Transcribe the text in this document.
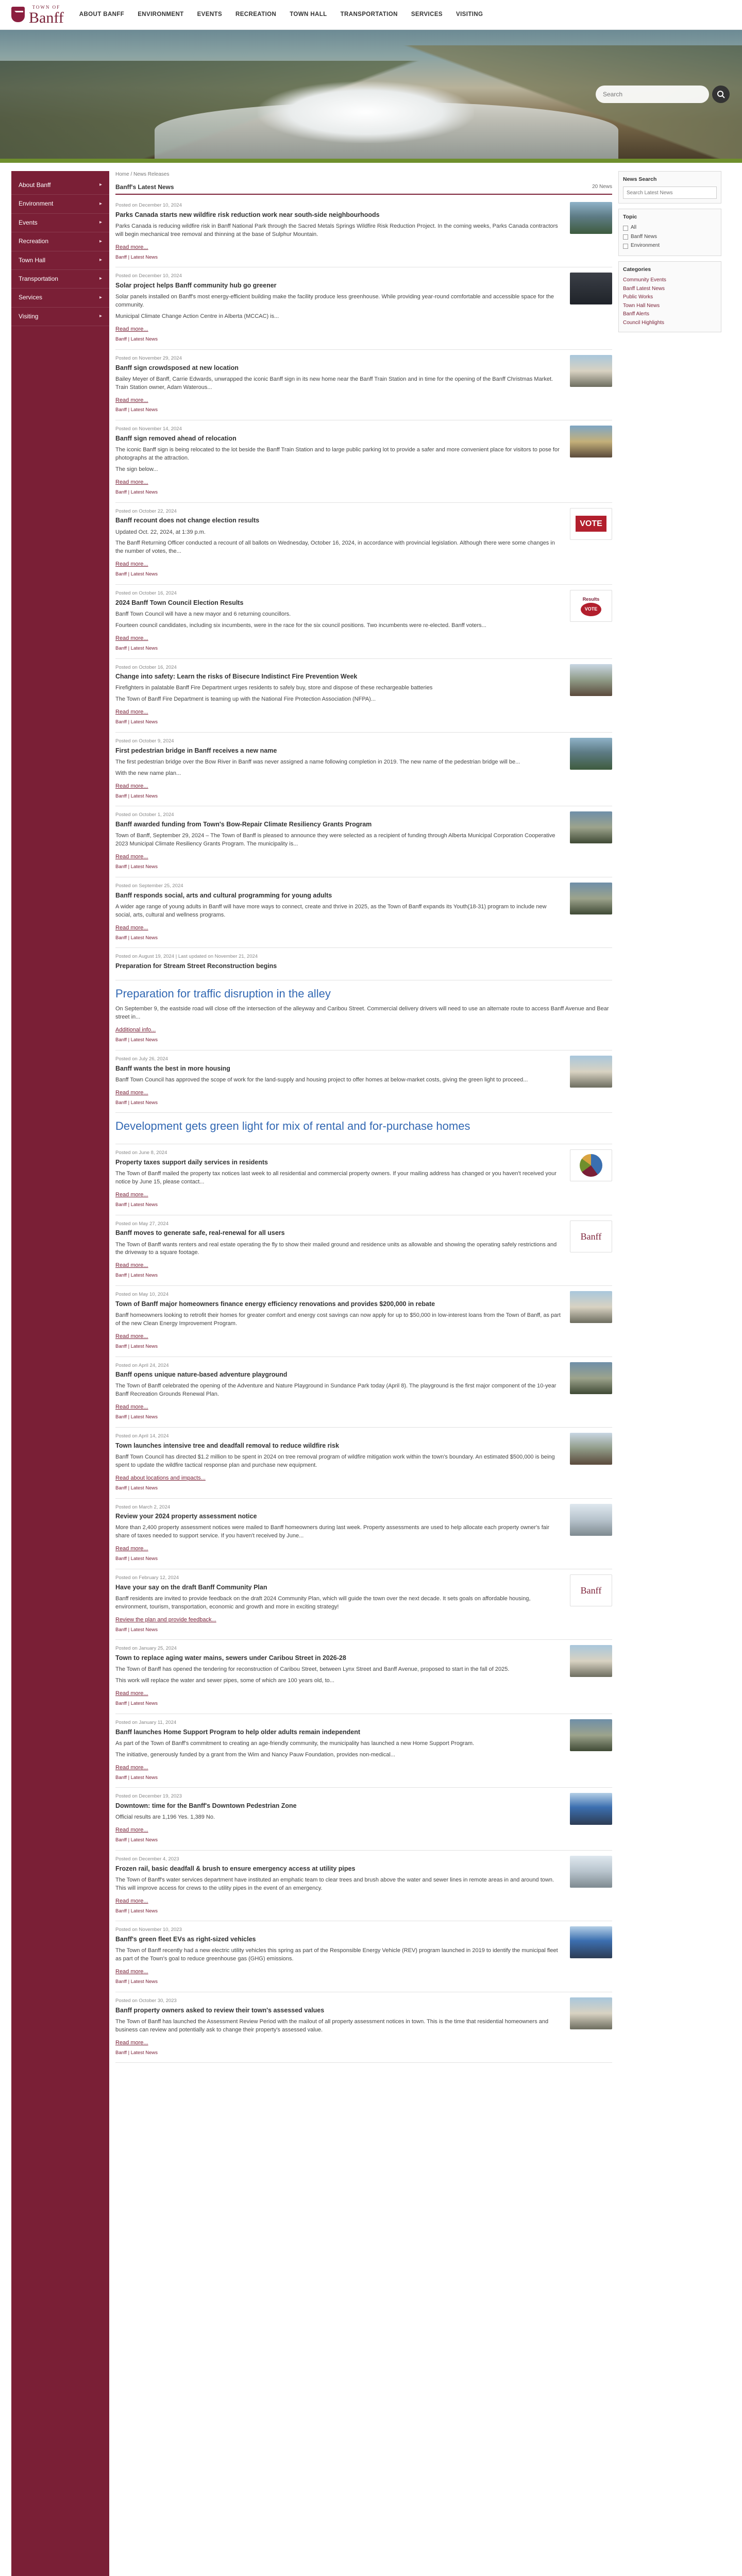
TOWN OF
Banff	ABOUT BANFF ENVIRONMENT EVENTS RECREATION TOWN HALL TRANSPORTATION SERVICES VISITING
Search
About Banff	▸
Environment	▸
Events	▸
Recreation	▸
Town Hall	▸
Transportation	▸
Services	▸
Visiting	▸
Home / News Releases
Banff's Latest News	20 News
Posted on December 10, 2024
Parks Canada starts new wildfire risk reduction work near south-side neighbourhoods
Parks Canada is reducing wildfire risk in Banff National Park through the Sacred Metals Springs Wildfire Risk Reduction Project. In the coming weeks, Parks Canada contractors will begin mechanical tree removal and thinning at the base of Sulphur Mountain.
Read more...
Banff | Latest News
Posted on December 10, 2024
Solar project helps Banff community hub go greener
Solar panels installed on Banff's most energy-efficient building make the facility produce less greenhouse. While providing year-round comfortable and accessible space for the community.
Municipal Climate Change Action Centre in Alberta (MCCAC) is...
Read more...
Banff | Latest News
Posted on November 29, 2024
Banff sign crowdsposed at new location
Bailey Meyer of Banff, Carrie Edwards, unwrapped the iconic Banff sign in its new home near the Banff Train Station and in time for the opening of the Banff Christmas Market. Train Station owner, Adam Waterous...
Read more...
Banff | Latest News
Posted on November 14, 2024
Banff sign removed ahead of relocation
The iconic Banff sign is being relocated to the lot beside the Banff Train Station and to large public parking lot to provide a safer and more convenient place for visitors to pose for photographs at the attraction.
The sign below...
Read more...
Banff | Latest News
Posted on October 22, 2024
Banff recount does not change election results
Updated Oct. 22, 2024, at 1:39 p.m.
The Banff Returning Officer conducted a recount of all ballots on Wednesday, October 16, 2024, in accordance with provincial legislation. Although there were some changes in the number of votes, the...
Read more...
Banff | Latest News
VOTE
Posted on October 16, 2024
2024 Banff Town Council Election Results
Banff Town Council will have a new mayor and 6 returning councillors.
Fourteen council candidates, including six incumbents, were in the race for the six council positions. Two incumbents were re-elected. Banff voters...
Read more...
Banff | Latest News
Results
VOTE
Posted on October 16, 2024
Change into safety: Learn the risks of Bisecure Indistinct Fire Prevention Week
Firefighters in palatable Banff Fire Department urges residents to safely buy, store and dispose of these rechargeable batteries
The Town of Banff Fire Department is teaming up with the National Fire Protection Association (NFPA)...
Read more...
Banff | Latest News
Posted on October 9, 2024
First pedestrian bridge in Banff receives a new name
The first pedestrian bridge over the Bow River in Banff was never assigned a name following completion in 2019. The new name of the pedestrian bridge will be...
With the new name plan...
Read more...
Banff | Latest News
Posted on October 1, 2024
Banff awarded funding from Town's Bow-Repair Climate Resiliency Grants Program
Town of Banff, September 29, 2024 – The Town of Banff is pleased to announce they were selected as a recipient of funding through Alberta Municipal Corporation Cooperative 2023 Municipal Climate Resiliency Grants Program. The municipality is...
Read more...
Banff | Latest News
Posted on September 25, 2024
Banff responds social, arts and cultural programming for young adults
A wider age range of young adults in Banff will have more ways to connect, create and thrive in 2025, as the Town of Banff expands its Youth(18-31) program to include new social, arts, cultural and wellness programs.
Read more...
Banff | Latest News
Posted on August 19, 2024 | Last updated on November 21, 2024
Preparation for Stream Street Reconstruction begins
Preparation for traffic disruption in the alley
On September 9, the eastside road will close off the intersection of the alleyway and Caribou Street. Commercial delivery drivers will need to use an alternate route to access Banff Avenue and Bear street in...
Additional info...
Banff | Latest News
Posted on July 26, 2024
Banff wants the best in more housing
Banff Town Council has approved the scope of work for the land-supply and housing project to offer homes at below-market costs, giving the green light to proceed...
Read more...
Banff | Latest News
Development gets green light for mix of rental and for-purchase homes
Posted on June 8, 2024
Property taxes support daily services in residents
The Town of Banff mailed the property tax notices last week to all residential and commercial property owners. If your mailing address has changed or you haven't received your notice by June 15, please contact...
Read more...
Banff | Latest News
Posted on May 27, 2024
Banff moves to generate safe, real-renewal for all users
The Town of Banff wants renters and real estate operating the fly to show their mailed ground and residence units as allowable and showing the operating safely restrictions and the driveway to a square footage.
Read more...
Banff | Latest News
Banff
Posted on May 10, 2024
Town of Banff major homeowners finance energy efficiency renovations and provides $200,000 in rebate
Banff homeowners looking to retrofit their homes for greater comfort and energy cost savings can now apply for up to $50,000 in low-interest loans from the Town of Banff, as part of the new Clean Energy Improvement Program.
Read more...
Banff | Latest News
Posted on April 24, 2024
Banff opens unique nature-based adventure playground
The Town of Banff celebrated the opening of the Adventure and Nature Playground in Sundance Park today (April 8). The playground is the first major component of the 10-year Banff Recreation Grounds Renewal Plan.
Read more...
Banff | Latest News
Posted on April 14, 2024
Town launches intensive tree and deadfall removal to reduce wildfire risk
Banff Town Council has directed $1.2 million to be spent in 2024 on tree removal program of wildfire mitigation work within the town's boundary. An estimated $500,000 is being spent to update the wildfire tactical response plan and purchase new equipment.
Read about locations and impacts...
Banff | Latest News
Posted on March 2, 2024
Review your 2024 property assessment notice
More than 2,400 property assessment notices were mailed to Banff homeowners during last week. Property assessments are used to help allocate each property owner's fair share of taxes needed to support service. If you haven't received by June...
Read more...
Banff | Latest News
Posted on February 12, 2024
Have your say on the draft Banff Community Plan
Banff residents are invited to provide feedback on the draft 2024 Community Plan, which will guide the town over the next decade. It sets goals on affordable housing, environment, tourism, transportation, economic and growth and more in exciting strategy!
Review the plan and provide feedback...
Banff | Latest News
Banff
Posted on January 25, 2024
Town to replace aging water mains, sewers under Caribou Street in 2026-28
The Town of Banff has opened the tendering for reconstruction of Caribou Street, between Lynx Street and Banff Avenue, proposed to start in the fall of 2025.
This work will replace the water and sewer pipes, some of which are 100 years old, to...
Read more...
Banff | Latest News
Posted on January 11, 2024
Banff launches Home Support Program to help older adults remain independent
As part of the Town of Banff's commitment to creating an age-friendly community, the municipality has launched a new Home Support Program.
The initiative, generously funded by a grant from the Wim and Nancy Pauw Foundation, provides non-medical...
Read more...
Banff | Latest News
Posted on December 19, 2023
Downtown: time for the Banff's Downtown Pedestrian Zone
Official results are 1,196 Yes. 1,389 No.
Read more...
Banff | Latest News
Posted on December 4, 2023
Frozen rail, basic deadfall & brush to ensure emergency access at utility pipes
The Town of Banff's water services department have instituted an emphatic team to clear trees and brush above the water and sewer lines in remote areas in and around town. This will improve access for crews to the utility pipes in the event of an emergency.
Read more...
Banff | Latest News
Posted on November 10, 2023
Banff's green fleet EVs as right-sized vehicles
The Town of Banff recently had a new electric utility vehicles this spring as part of the Responsible Energy Vehicle (REV) program launched in 2019 to identify the municipal fleet as part of the Town's goal to reduce greenhouse gas (GHG) emissions.
Read more...
Banff | Latest News
Posted on October 30, 2023
Banff property owners asked to review their town's assessed values
The Town of Banff has launched the Assessment Review Period with the mailout of all property assessment notices in town. This is the time that residential homeowners and business can review and potentially ask to change their property's assessed value.
Read more...
Banff | Latest News
News Search
Search Latest News
Topic
All
Banff News
Environment
Categories
Community Events
Banff Latest News
Public Works
Town Hall News
Banff Alerts
Council Highlights
